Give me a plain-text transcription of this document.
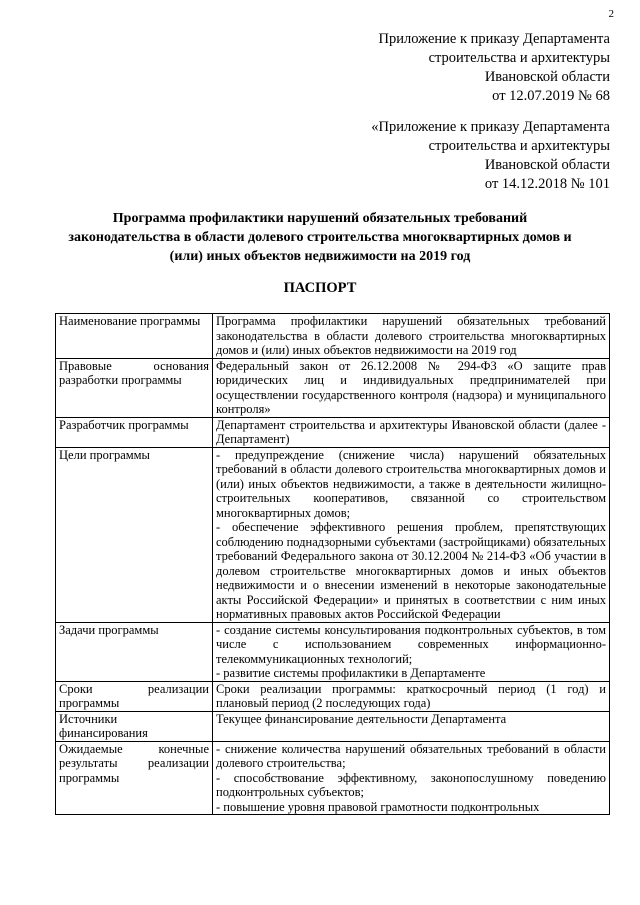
2
Приложение к приказу Департамента
строительства и архитектуры
Ивановской области
от 12.07.2019 № 68
«Приложение к приказу Департамента
строительства и архитектуры
Ивановской области
от 14.12.2018 № 101
Программа профилактики нарушений обязательных требований
законодательства в области долевого строительства многоквартирных домов и
(или) иных объектов недвижимости на 2019 год
ПАСПОРТ
Наименование программы	Программа профилактики нарушений обязательных требований законодательства в области долевого строительства многоквартирных домов и (или) иных объектов недвижимости на 2019 год

Правовые основания разработки программы	Федеральный закон от 26.12.2008 № 294-ФЗ «О защите прав юридических лиц и индивидуальных предпринимателей при осуществлении государственного контроля (надзора) и муниципального контроля»

Разработчик программы	Департамент строительства и архитектуры Ивановской области (далее - Департамент)

Цели программы	- предупреждение (снижение числа) нарушений обязательных требований в области долевого строительства многоквартирных домов и (или) иных объектов недвижимости, а также в деятельности жилищно-строительных кооперативов, связанной со строительством многоквартирных домов;
- обеспечение эффективного решения проблем, препятствующих соблюдению поднадзорными субъектами (застройщиками) обязательных требований Федерального закона от 30.12.2004 № 214-ФЗ «Об участии в долевом строительстве многоквартирных домов и иных объектов недвижимости и о внесении изменений в некоторые законодательные акты Российской Федерации» и принятых в соответствии с ним иных нормативных правовых актов Российской Федерации

Задачи программы	- создание системы консультирования подконтрольных субъектов, в том числе с использованием современных информационно-телекоммуникационных технологий;
- развитие системы профилактики в Департаменте

Сроки реализации программы	Сроки реализации программы: краткосрочный период (1 год) и плановый период (2 последующих года)

Источники финансирования	Текущее финансирование деятельности Департамента

Ожидаемые конечные результаты реализации программы	- снижение количества нарушений обязательных требований в области долевого строительства;
- способствование эффективному, законопослушному поведению подконтрольных субъектов;
- повышение уровня правовой грамотности подконтрольных
